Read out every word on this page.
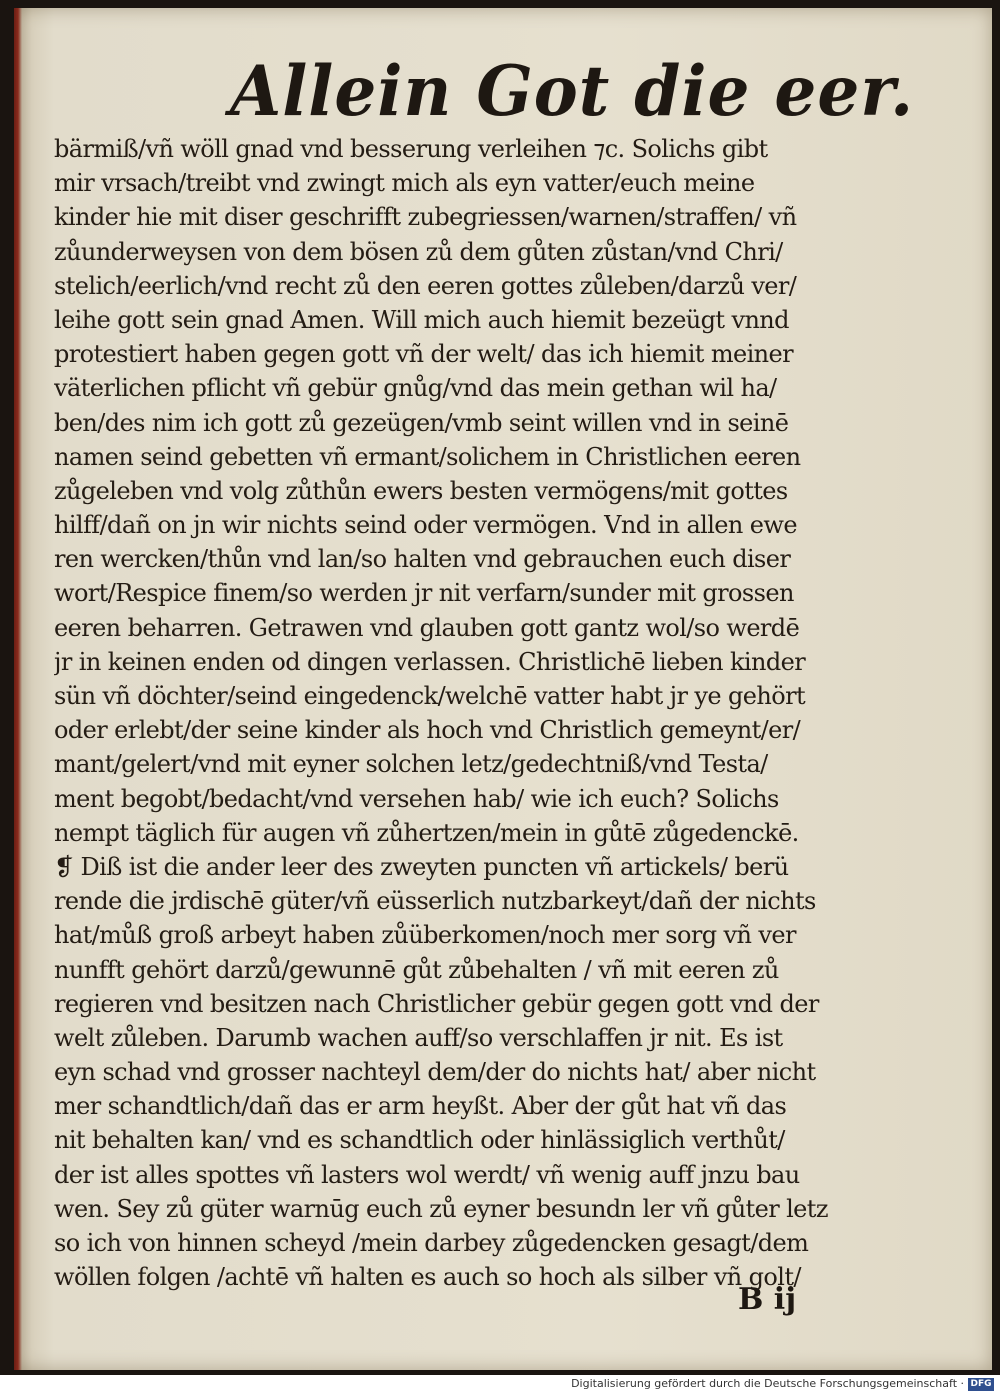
Allein Got die eer.
bärmiß/vñ wöll gnad vnd besserung verleihen ⁊c. Solichs gibt
mir vrsach/treibt vnd zwingt mich als eyn vatter/euch meine
kinder hie mit diser geschrifft zubegriessen/warnen/straffen/ vñ
zůunderweysen von dem bösen zů dem gůten zůstan/vnd Chri/
stelich/eerlich/vnd recht zů den eeren gottes zůleben/darzů ver/
leihe gott sein gnad Amen. Will mich auch hiemit bezeügt vnnd
protestiert haben gegen gott vñ der welt/ das ich hiemit meiner
väterlichen pflicht vñ gebür gnůg/vnd das mein gethan wil ha/
ben/des nim ich gott zů gezeügen/vmb seint willen vnd in seinē
namen seind gebetten vñ ermant/solichem in Christlichen eeren
zůgeleben vnd volg zůthůn ewers besten vermögens/mit gottes
hilff/dañ on jn wir nichts seind oder vermögen. Vnd in allen ewe
ren wercken/thůn vnd lan/so halten vnd gebrauchen euch diser
wort/Respice finem/so werden jr nit verfarn/sunder mit grossen
eeren beharren. Getrawen vnd glauben gott gantz wol/so werdē
jr in keinen enden od dingen verlassen. Christlichē lieben kinder
sün vñ döchter/seind eingedenck/welchē vatter habt jr ye gehört
oder erlebt/der seine kinder als hoch vnd Christlich gemeynt/er/
mant/gelert/vnd mit eyner solchen letz/gedechtniß/vnd Testa/
ment begobt/bedacht/vnd versehen hab/ wie ich euch? Solichs
nempt täglich für augen vñ zůhertzen/mein in gůtē zůgedenckē.
❡ Diß ist die ander leer des zweyten puncten vñ artickels/ berü
rende die jrdischē güter/vñ eüsserlich nutzbarkeyt/dañ der nichts
hat/můß groß arbeyt haben zůüberkomen/noch mer sorg vñ ver
nunfft gehört darzů/gewunnē gůt zůbehalten / vñ mit eeren zů
regieren vnd besitzen nach Christlicher gebür gegen gott vnd der
welt zůleben. Darumb wachen auff/so verschlaffen jr nit. Es ist
eyn schad vnd grosser nachteyl dem/der do nichts hat/ aber nicht
mer schandtlich/dañ das er arm heyßt. Aber der gůt hat vñ das
nit behalten kan/ vnd es schandtlich oder hinlässiglich verthůt/
der ist alles spottes vñ lasters wol werdt/ vñ wenig auff jnzu bau
wen. Sey zů güter warnūg euch zů eyner besundn ler vñ gůter letz
so ich von hinnen scheyd /mein darbey zůgedencken gesagt/dem
wöllen folgen /achtē vñ halten es auch so hoch als silber vñ golt/
B ij
Digitalisierung gefördert durch die Deutsche Forschungsgemeinschaft · DFG
